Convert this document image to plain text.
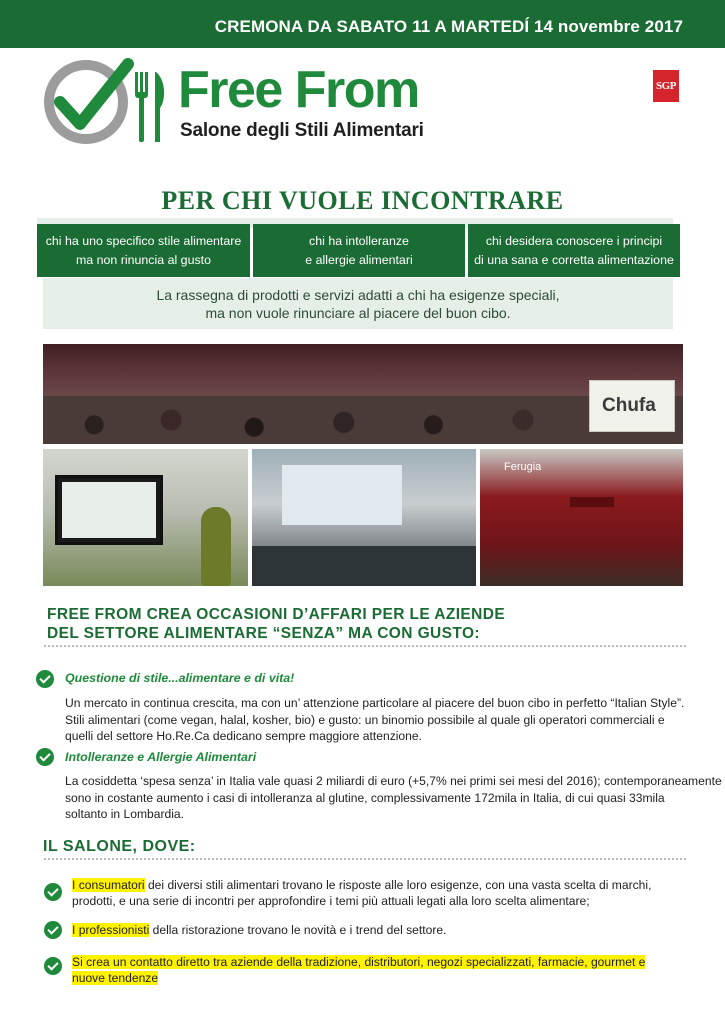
CREMONA DA SABATO 11 A MARTEDÍ 14 novembre 2017
Free From
Salone degli Stili Alimentari
SGP
PER CHI VUOLE INCONTRARE
chi ha uno specifico stile alimentare
ma non rinuncia al gusto
chi ha intolleranze
e allergie alimentari
chi desidera conoscere i principi
di una sana e corretta alimentazione
La rassegna di prodotti e servizi adatti a chi ha esigenze speciali,
ma non vuole rinunciare al piacere del buon cibo.
Chufa
Ferugia
FREE FROM CREA OCCASIONI D’AFFARI PER LE AZIENDE
DEL SETTORE ALIMENTARE “SENZA” MA CON GUSTO:
Questione di stile...alimentare e di vita!
Un mercato in continua crescita, ma con un’ attenzione particolare al piacere del buon cibo in perfetto “Italian Style”.
Stili alimentari (come vegan, halal, kosher, bio) e gusto: un binomio possibile al quale gli operatori commerciali e
quelli del settore Ho.Re.Ca dedicano sempre maggiore attenzione.
Intolleranze e Allergie Alimentari
La cosiddetta ‘spesa senza’ in Italia vale quasi 2 miliardi di euro (+5,7% nei primi sei mesi del 2016); contemporaneamente
sono in costante aumento i casi di intolleranza al glutine, complessivamente 172mila in Italia, di cui quasi 33mila
soltanto in Lombardia.
IL SALONE, DOVE:
I consumatori dei diversi stili alimentari trovano le risposte alle loro esigenze, con una vasta scelta di marchi,
prodotti, e una serie di incontri per approfondire i temi più attuali legati alla loro scelta alimentare;
I professionisti della ristorazione trovano le novità e i trend del settore.
Si crea un contatto diretto tra aziende della tradizione, distributori, negozi specializzati, farmacie, gourmet e
nuove tendenze
